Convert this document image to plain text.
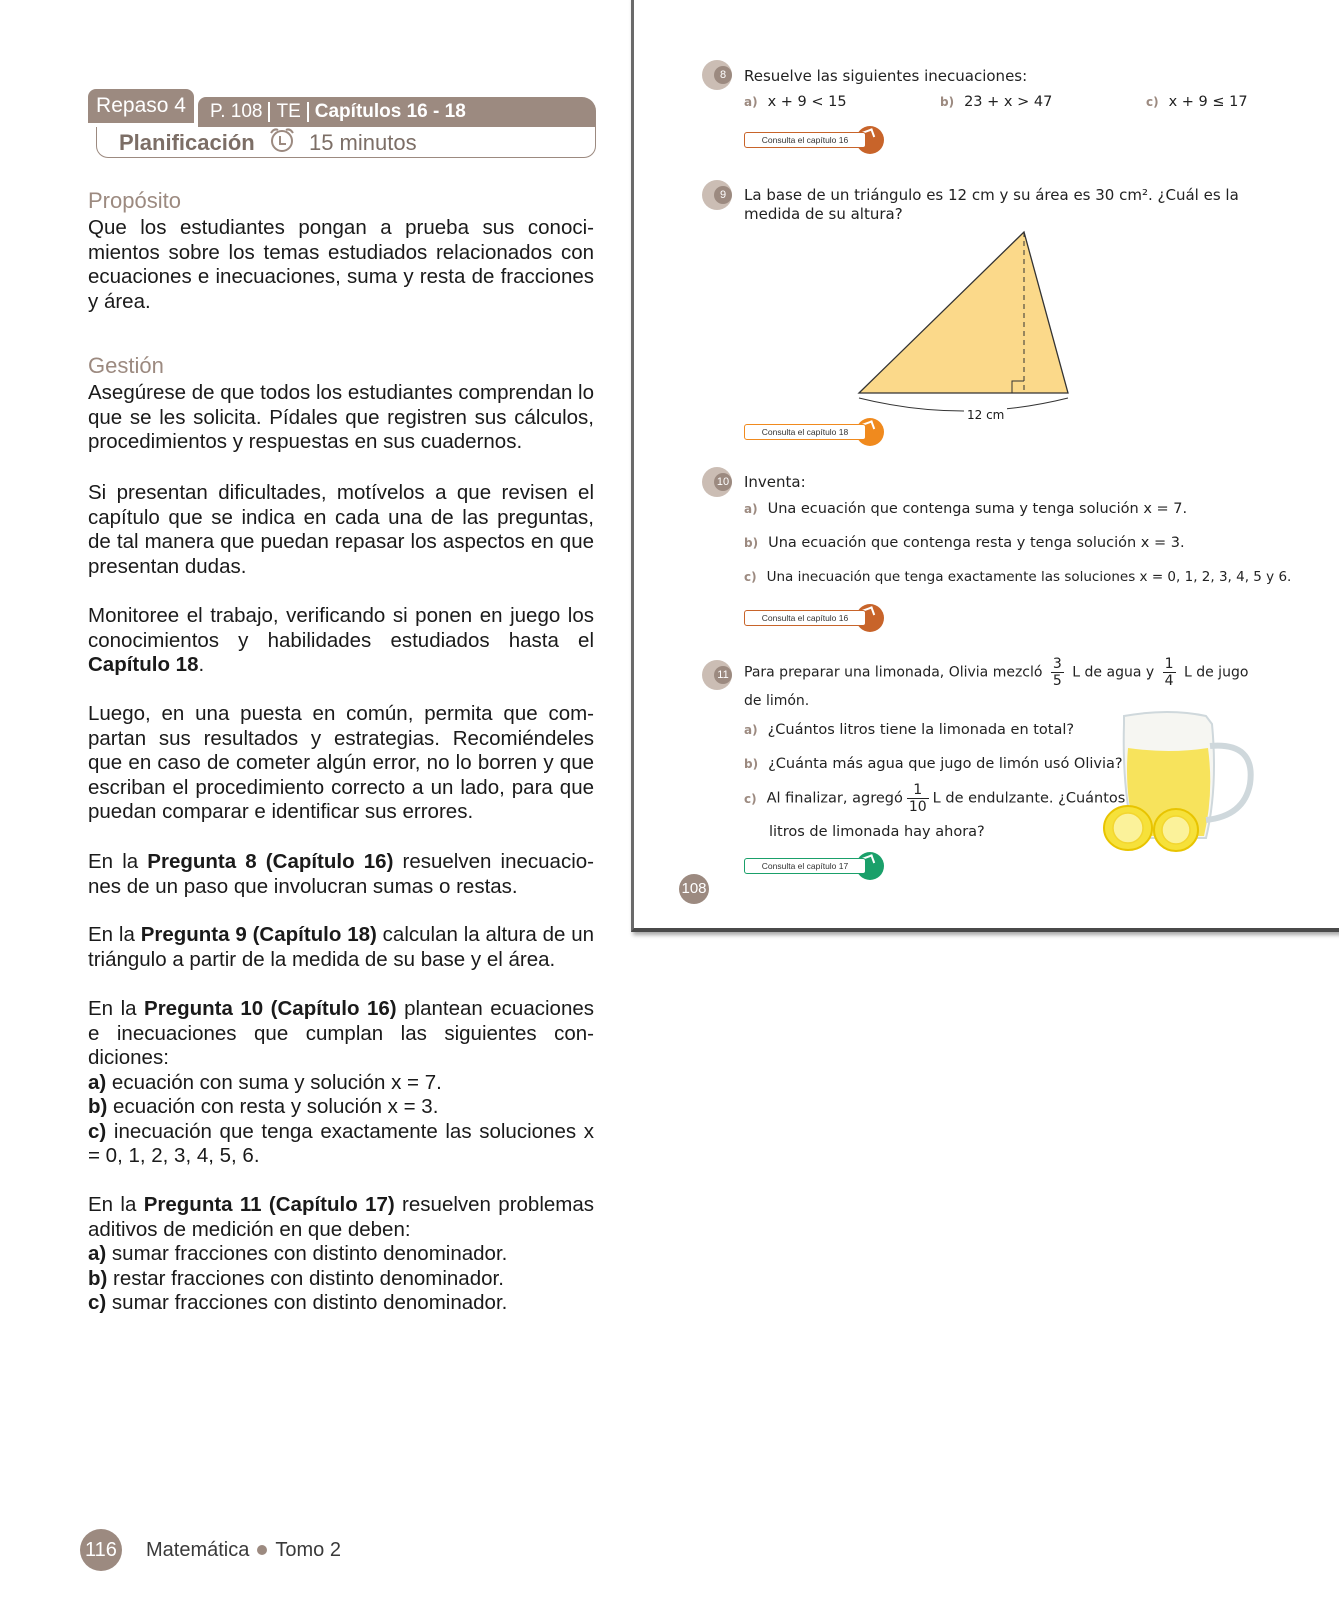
Repaso 4	P. 108 TE Capítulos 16 - 18
Planificación 15 minutos
Propósito
Que los estudiantes pongan a prueba sus conocimientos sobre los temas estudiados relacionados con ecuaciones e inecuaciones, suma y resta de fracciones y área.
Gestión
Asegúrese de que todos los estudiantes comprendan lo que se les solicita. Pídales que registren sus cálculos, procedimientos y respuestas en sus cuadernos.
Si presentan dificultades, motívelos a que revisen el capítulo que se indica en cada una de las preguntas, de tal manera que puedan repasar los aspectos en que presentan dudas.
Monitoree el trabajo, verificando si ponen en juego los conocimientos y habilidades estudiados hasta el Capítulo 18.
Luego, en una puesta en común, permita que compartan sus resultados y estrategias. Recomiéndeles que en caso de cometer algún error, no lo borren y que escriban el procedimiento correcto a un lado, para que puedan comparar e identificar sus errores.
En la Pregunta 8 (Capítulo 16) resuelven inecuaciones de un paso que involucran sumas o restas.
En la Pregunta 9 (Capítulo 18) calculan la altura de un triángulo a partir de la medida de su base y el área.
En la Pregunta 10 (Capítulo 16) plantean ecuaciones e inecuaciones que cumplan las siguientes condiciones:
a) ecuación con suma y solución x = 7.
b) ecuación con resta y solución x = 3.
c) inecuación que tenga exactamente las soluciones x = 0, 1, 2, 3, 4, 5, 6.
En la Pregunta 11 (Capítulo 17) resuelven problemas aditivos de medición en que deben:
a) sumar fracciones con distinto denominador.
b) restar fracciones con distinto denominador.
c) sumar fracciones con distinto denominador.
116 Matemática Tomo 2
8	Resuelve las siguientes inecuaciones:
a) x + 9 < 15	b) 23 + x > 47	c) x + 9 ≤ 17
Consulta el capítulo 16
9	La base de un triángulo es 12 cm y su área es 30 cm². ¿Cuál es la medida de su altura?
12 cm
Consulta el capítulo 18
10 Inventa:
a) Una ecuación que contenga suma y tenga solución x = 7.
b) Una ecuación que contenga resta y tenga solución x = 3.
c) Una inecuación que tenga exactamente las soluciones x = 0, 1, 2, 3, 4, 5 y 6.
Consulta el capítulo 16
11 Para preparar una limonada, Olivia mezcló $\frac{3}{5}$ L de agua y $\frac{1}{4}$ L de jugo
de limón.
a) ¿Cuántos litros tiene la limonada en total?
b) ¿Cuánta más agua que jugo de limón usó Olivia?
c) Al finalizar, agregó $\frac{1}{10}$ L de endulzante. ¿Cuántos
litros de limonada hay ahora?
Consulta el capítulo 17
108
